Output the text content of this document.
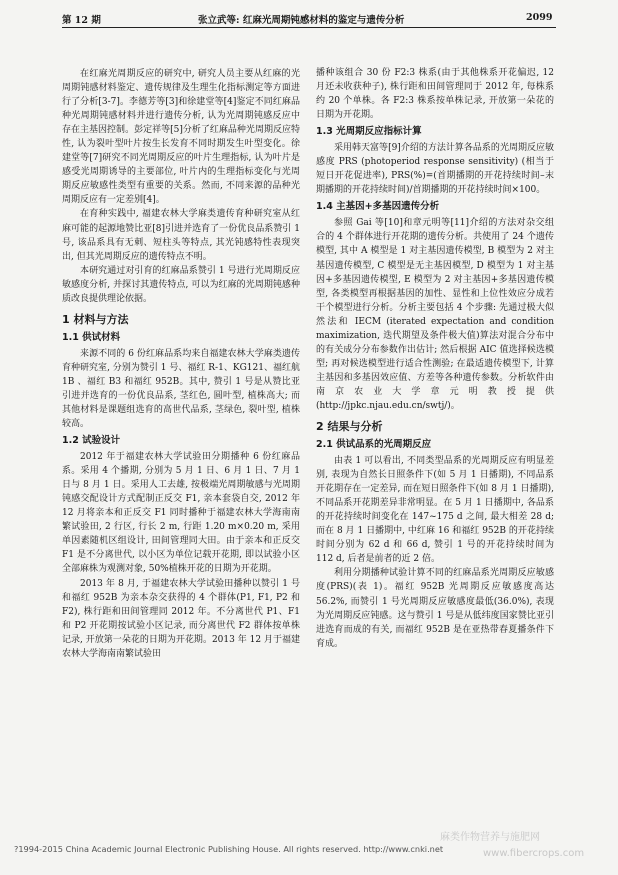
第 12 期	张立武等: 红麻光周期钝感材料的鉴定与遗传分析	2099

在红麻光周期反应的研究中, 研究人员主要从红麻的光周期钝感材料鉴定、遗传规律及生理生化指标测定等方面进行了分析[3-7]。李德芳等[3]和徐建堂等[4]鉴定不同红麻品种光周期钝感材料并进行遗传分析, 认为光周期钝感反应中存在主基因控制。彭定祥等[5]分析了红麻品种光周期反应特性, 认为裂叶型叶片按生长发育不同时期发生叶型变化。徐建堂等[7]研究不同光周期反应的叶片生理指标, 认为叶片是感受光周期诱导的主要部位, 叶片内的生理指标变化与光周期反应敏感性类型有重要的关系。然而, 不同来源的品种光周期反应有一定差别[4]。

在育种实践中, 福建农林大学麻类遗传育种研究室从红麻可能的起源地赞比亚[8]引进并选育了一份优良品系赞引 1 号, 该品系具有无刺、短柱头等特点, 其光钝感特性表现突出, 但其光周期反应的遗传特点不明。

本研究通过对引育的红麻品系赞引 1 号进行光周期反应敏感度分析, 并探讨其遗传特点, 可以为红麻的光周期钝感种质改良提供理论依据。

1 材料与方法
1.1 供试材料

来源不同的 6 份红麻品系均来自福建农林大学麻类遗传育种研究室, 分别为赞引 1 号、福红 R-1、KG121、福红航 1B 、福红 B3 和福红 952B。其中, 赞引 1 号是从赞比亚引进并选育的一份优良品系, 茎红色, 圆叶型, 植株高大; 而其他材料是课题组选育的高世代品系, 茎绿色, 裂叶型, 植株较高。

1.2 试验设计

2012 年于福建农林大学试验田分期播种 6 份红麻品系。采用 4 个播期, 分别为 5 月 1 日、6 月 1 日、7 月 1 日与 8 月 1 日。采用人工去雄, 按极端光周期敏感与光周期钝感交配设计方式配制正反交 F1, 亲本套袋自交, 2012 年 12 月将亲本和正反交 F1 同时播种于福建农林大学海南南繁试验田, 2 行区, 行长 2 m, 行距 1.20 m×0.20 m, 采用单因素随机区组设计, 田间管理同大田。由于亲本和正反交 F1 是不分离世代, 以小区为单位记载开花期, 即以试验小区全部麻株为观测对象, 50%植株开花的日期为开花期。

2013 年 8 月, 于福建农林大学试验田播种以赞引 1 号和福红 952B 为亲本杂交获得的 4 个群体(P1, F1, P2 和 F2), 株行距和田间管理同 2012 年。不分离世代 P1、F1 和 P2 开花期按试验小区记录, 而分离世代 F2 群体按单株记录, 开放第一朵花的日期为开花期。2013 年 12 月于福建农林大学海南南繁试验田

播种该组合 30 份 F2:3 株系(由于其他株系开花偏迟, 12 月还未收获种子), 株行距和田间管理同于 2012 年, 每株系约 20 个单株。各 F2:3 株系按单株记录, 开放第一朵花的日期为开花期。

1.3 光周期反应指标计算

采用韩天富等[9]介绍的方法计算各品系的光周期反应敏感度 PRS (photoperiod response sensitivity) (相当于短日开花促进率), PRS(%)=(首期播期的开花持续时间–末期播期的开花持续时间)/首期播期的开花持续时间×100。

1.4 主基因+多基因遗传分析

参照 Gai 等[10]和章元明等[11]介绍的方法对杂交组合的 4 个群体进行开花期的遗传分析。共使用了 24 个遗传模型, 其中 A 模型是 1 对主基因遗传模型, B 模型为 2 对主基因遗传模型, C 模型是无主基因模型, D 模型为 1 对主基因+多基因遗传模型, E 模型为 2 对主基因+多基因遗传模型, 各类模型再根据基因的加性、显性和上位性效应分成若干个模型进行分析。分析主要包括 4 个步骤: 先通过极大似然法和 IECM (iterated expectation and condition maximization, 迭代期望及条件极大值)算法对混合分布中的有关成分分布参数作出估计; 然后根据 AIC 值选择候选模型; 再对候选模型进行适合性测验; 在最适遗传模型下, 计算主基因和多基因效应值、方差等各种遗传参数。分析软件由南京农业大学章元明教授提供(http://jpkc.njau.edu.cn/swtj/)。

2 结果与分析
2.1 供试品系的光周期反应

由表 1 可以看出, 不同类型品系的光周期反应有明显差别, 表现为自然长日照条件下(如 5 月 1 日播期), 不同品系开花期存在一定差异, 而在短日照条件下(如 8 月 1 日播期), 不同品系开花期差异非常明显。在 5 月 1 日播期中, 各品系的开花持续时间变化在 147~175 d 之间, 最大相差 28 d; 而在 8 月 1 日播期中, 中红麻 16 和福红 952B 的开花持续时间分别为 62 d 和 66 d, 赞引 1 号的开花持续时间为 112 d, 后者是前者的近 2 倍。

利用分期播种试验计算不同的红麻品系光周期反应敏感度(PRS)(表 1)。福红 952B 光周期反应敏感度高达 56.2%, 而赞引 1 号光周期反应敏感度最低(36.0%), 表现为光周期反应钝感。这与赞引 1 号是从低纬度国家赞比亚引进选育而成的有关, 而福红 952B 是在亚热带春夏播条件下育成。

?1994-2015 China Academic Journal Electronic Publishing House. All rights reserved. http://www.cnki.net
麻类作物营养与施肥网
www.fibercrops.com
